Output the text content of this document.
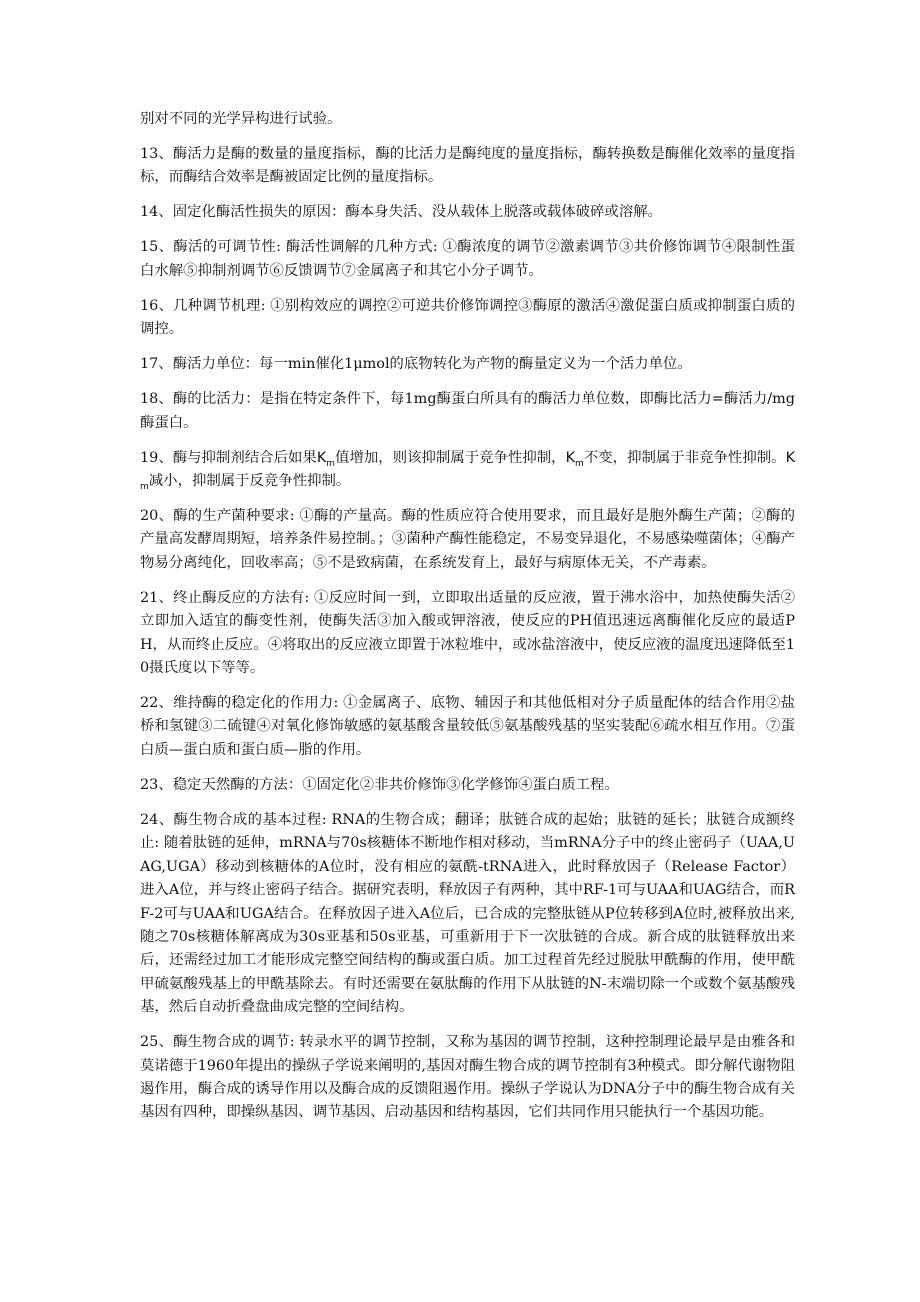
别对不同的光学异构进行试验。

13、酶活力是酶的数量的量度指标，酶的比活力是酶纯度的量度指标，酶转换数是酶催化效率的量度指标，而酶结合效率是酶被固定比例的量度指标。

14、固定化酶活性损失的原因：酶本身失活、没从载体上脱落或载体破碎或溶解。

15、酶活的可调节性: 酶活性调解的几种方式: ①酶浓度的调节②激素调节③共价修饰调节④限制性蛋白水解⑤抑制剂调节⑥反馈调节⑦金属离子和其它小分子调节。

16、几种调节机理: ①别构效应的调控②可逆共价修饰调控③酶原的激活④激促蛋白质或抑制蛋白质的调控。

17、酶活力单位：每一min催化1μmol的底物转化为产物的酶量定义为一个活力单位。

18、酶的比活力：是指在特定条件下，每1mg酶蛋白所具有的酶活力单位数，即酶比活力=酶活力/mg酶蛋白。

19、酶与抑制剂结合后如果$K_m$值增加，则该抑制属于竞争性抑制，$K_m$不变，抑制属于非竞争性抑制。$K_m$减小，抑制属于反竞争性抑制。

20、酶的生产菌种要求: ①酶的产量高。酶的性质应符合使用要求，而且最好是胞外酶生产菌；②酶的产量高发酵周期短，培养条件易控制。；③菌种产酶性能稳定，不易变异退化，不易感染噬菌体；④酶产物易分离纯化，回收率高；⑤不是致病菌，在系统发育上，最好与病原体无关，不产毒素。

21、终止酶反应的方法有: ①反应时间一到，立即取出适量的反应液，置于沸水浴中，加热使酶失活②立即加入适宜的酶变性剂，使酶失活③加入酸或钾溶液，使反应的PH值迅速远离酶催化反应的最适PH，从而终止反应。④将取出的反应液立即置于冰粒堆中，或冰盐溶液中，使反应液的温度迅速降低至10摄氏度以下等等。

22、维持酶的稳定化的作用力: ①金属离子、底物、辅因子和其他低相对分子质量配体的结合作用②盐桥和氢键③二硫键④对氧化修饰敏感的氨基酸含量较低⑤氨基酸残基的坚实装配⑥疏水相互作用。⑦蛋白质—蛋白质和蛋白质—脂的作用。

23、稳定天然酶的方法：①固定化②非共价修饰③化学修饰④蛋白质工程。

24、酶生物合成的基本过程: RNA的生物合成；翻译；肽链合成的起始；肽链的延长；肽链合成额终止: 随着肽链的延伸，mRNA与70s核糖体不断地作相对移动，当mRNA分子中的终止密码子（UAA,UAG,UGA）移动到核糖体的A位时，没有相应的氨酰-tRNA进入，此时释放因子（Release Factor）进入A位，并与终止密码子结合。据研究表明，释放因子有两种，其中RF-1可与UAA和UAG结合，而RF-2可与UAA和UGA结合。在释放因子进入A位后，已合成的完整肽链从P位转移到A位时,被释放出来,随之70s核糖体解离成为30s亚基和50s亚基，可重新用于下一次肽链的合成。新合成的肽链释放出来后，还需经过加工才能形成完整空间结构的酶或蛋白质。加工过程首先经过脱肽甲酰酶的作用，使甲酰甲硫氨酸残基上的甲酰基除去。有时还需要在氨肽酶的作用下从肽链的N-末端切除一个或数个氨基酸残基，然后自动折叠盘曲成完整的空间结构。

25、酶生物合成的调节: 转录水平的调节控制，又称为基因的调节控制，这种控制理论最早是由雅各和莫诺德于1960年提出的操纵子学说来阐明的,基因对酶生物合成的调节控制有3种模式。即分解代谢物阻遏作用，酶合成的诱导作用以及酶合成的反馈阻遏作用。操纵子学说认为DNA分子中的酶生物合成有关基因有四种，即操纵基因、调节基因、启动基因和结构基因，它们共同作用只能执行一个基因功能。
